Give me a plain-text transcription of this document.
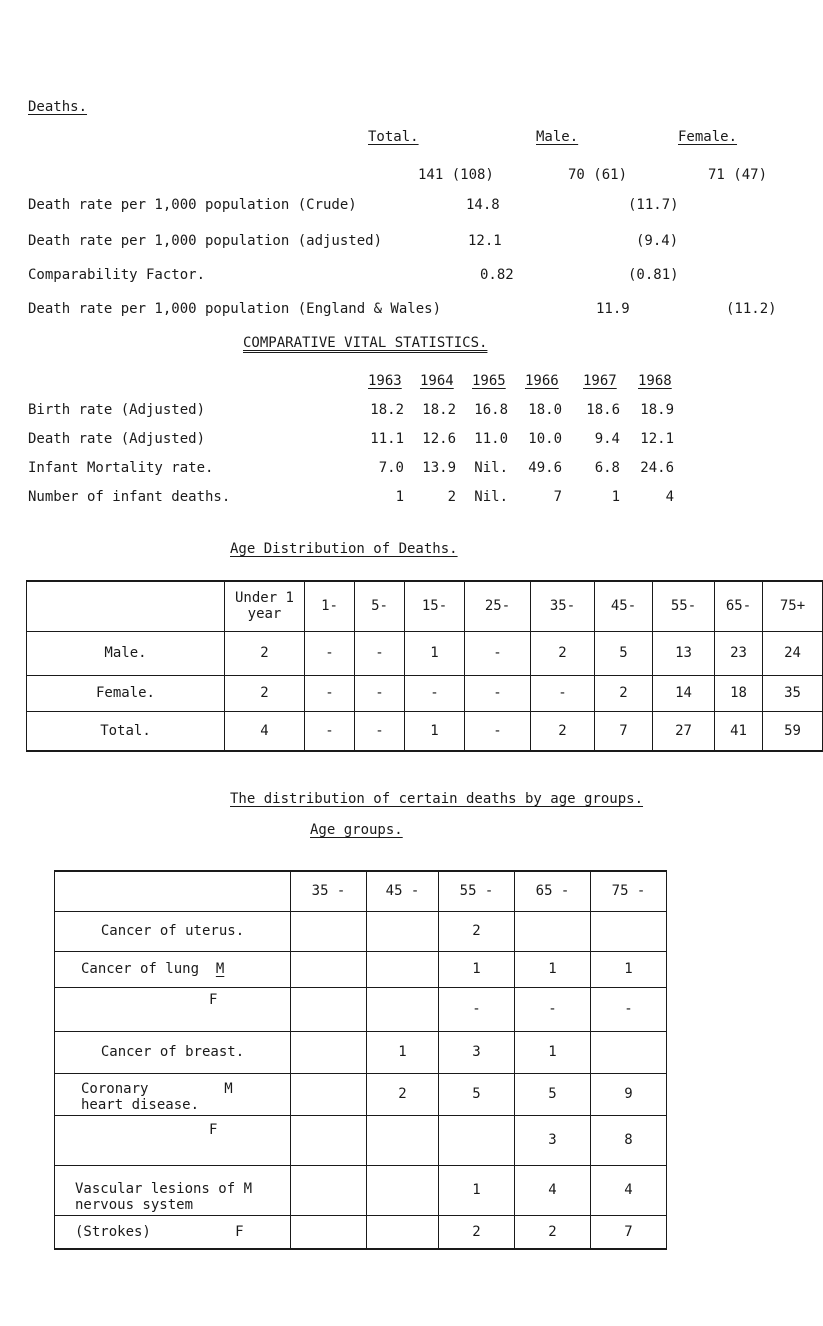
Deaths.
Total.	Male.	Female.
141 (108)	70 (61)	71 (47)
Death rate per 1,000 population (Crude)	14.8	(11.7)
Death rate per 1,000 population (adjusted)	12.1	(9.4)
Comparability Factor.	0.82	(0.81)
Death rate per 1,000 population (England & Wales)	11.9	(11.2)
COMPARATIVE VITAL STATISTICS.
1963 1964 1965 1966 1967 1968
Birth rate (Adjusted)	18.2	18.2	16.8	18.0	18.6	18.9
Death rate (Adjusted)	11.1	12.6	11.0	10.0	9.4	12.1
Infant Mortality rate.	7.0	13.9	Nil.	49.6	6.8	24.6
Number of infant deaths.	1	2	Nil.	7	1	4
Age Distribution of Deaths.
	Under 1 year	1-	5-	15-	25-	35-	45-	55-	65-	75+
Male.	2	-	-	1	-	2	5	13	23	24
Female.	2	-	-	-	-	-	2	14	18	35
Total.	4	-	-	1	-	2	7	27	41	59
The distribution of certain deaths by age groups.
Age groups.
	35 -	45 -	55 -	65 -	75 -
Cancer of uterus.			2		
Cancer of lung M			1	1	1
F			-	-	-
Cancer of breast.		1	3	1	
Coronary M
heart disease.		2	5	5	9
F				3	8
Vascular lesions of M
nervous system			1	4	4
(Strokes) F			2	2	7
